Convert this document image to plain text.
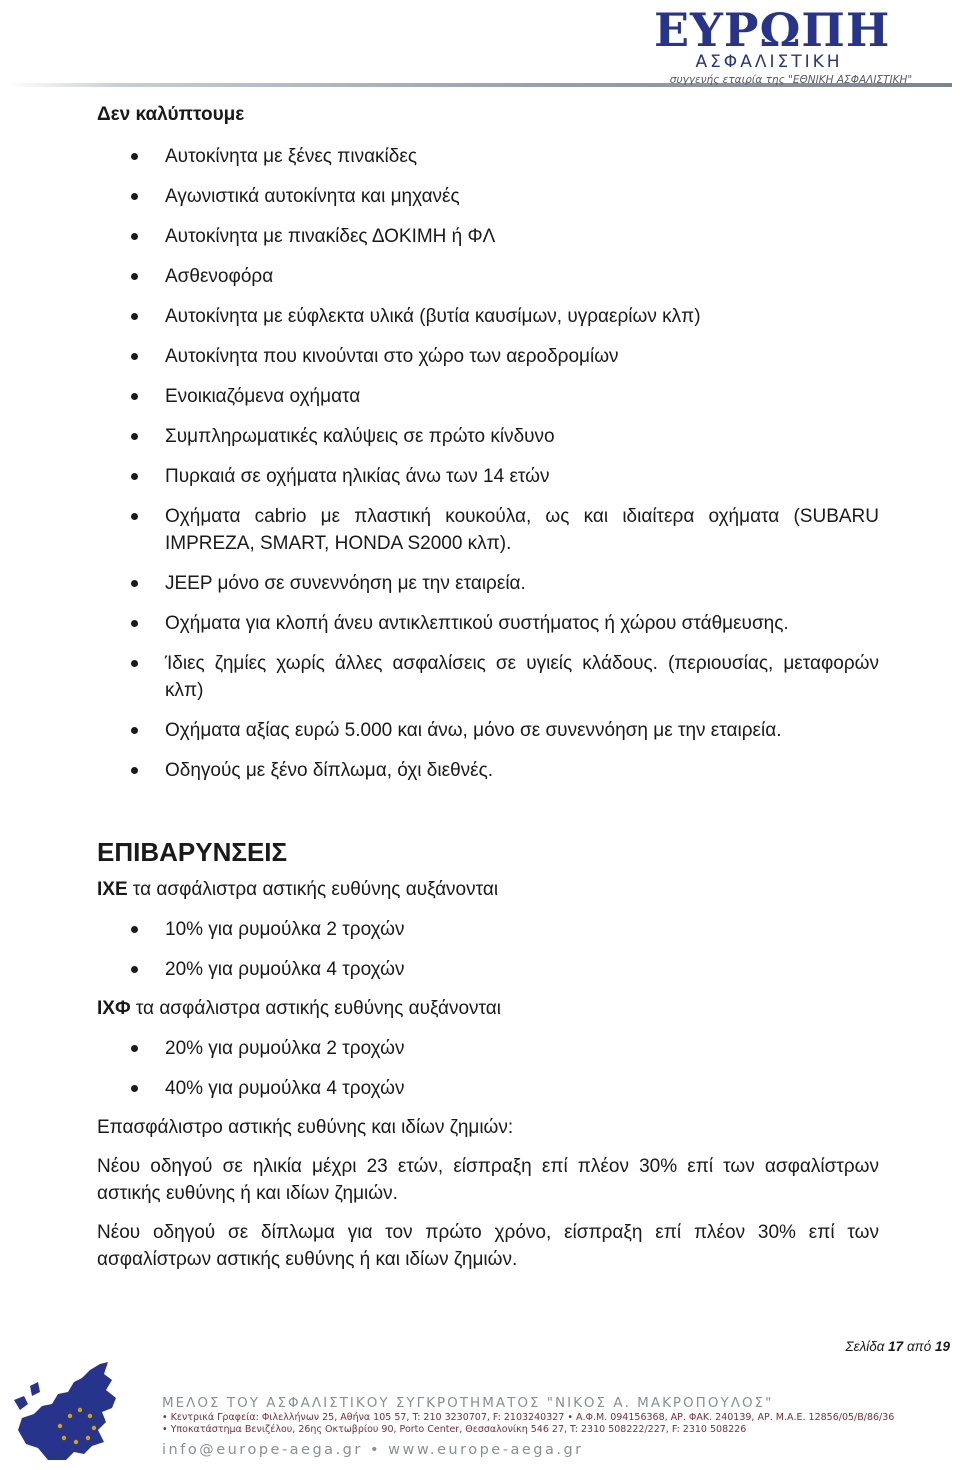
ΕΥΡΩΠΗ
ΑΣΦΑΛΙΣΤΙΚΗ
συγγενής εταιρία της "ΕΘΝΙΚΗ ΑΣΦΑΛΙΣΤΙΚΗ"
Δεν καλύπτουμε
Αυτοκίνητα με ξένες πινακίδες
Αγωνιστικά αυτοκίνητα και μηχανές
Αυτοκίνητα με πινακίδες ΔΟΚΙΜΗ ή ΦΛ
Ασθενοφόρα
Αυτοκίνητα με εύφλεκτα υλικά (βυτία καυσίμων, υγραερίων κλπ)
Αυτοκίνητα που κινούνται στο χώρο των αεροδρομίων
Ενοικιαζόμενα οχήματα
Συμπληρωματικές καλύψεις σε πρώτο κίνδυνο
Πυρκαιά σε οχήματα ηλικίας άνω των 14 ετών
Οχήματα cabrio με πλαστική κουκούλα, ως και ιδιαίτερα οχήματα (SUBARU IMPREZA, SMART, HONDA S2000 κλπ).
JEEP μόνο σε συνεννόηση με την εταιρεία.
Οχήματα για κλοπή άνευ αντικλεπτικού συστήματος ή χώρου στάθμευσης.
Ίδιες ζημίες χωρίς άλλες ασφαλίσεις σε υγιείς κλάδους. (περιουσίας, μεταφορών κλπ)
Οχήματα αξίας ευρώ 5.000 και άνω, μόνο σε συνεννόηση με την εταιρεία.
Οδηγούς με ξένο δίπλωμα, όχι διεθνές.
ΕΠΙΒΑΡΥΝΣΕΙΣ

ΙΧΕ τα ασφάλιστρα αστικής ευθύνης αυξάνονται

10% για ρυμούλκα 2 τροχών
20% για ρυμούλκα 4 τροχών

ΙΧΦ τα ασφάλιστρα αστικής ευθύνης αυξάνονται

20% για ρυμούλκα 2 τροχών
40% για ρυμούλκα 4 τροχών

Επασφάλιστρο αστικής ευθύνης και ιδίων ζημιών:

Νέου οδηγού σε ηλικία μέχρι 23 ετών, είσπραξη επί πλέον 30% επί των ασφαλίστρων αστικής ευθύνης ή και ιδίων ζημιών.

Νέου οδηγού σε δίπλωμα για τον πρώτο χρόνο, είσπραξη επί πλέον 30% επί των ασφαλίστρων αστικής ευθύνης ή και ιδίων ζημιών.

Σελίδα 17 από 19
ΜΕΛΟΣ ΤΟΥ ΑΣΦΑΛΙΣΤΙΚΟΥ ΣΥΓΚΡΟΤΗΜΑΤΟΣ "ΝΙΚΟΣ Α. ΜΑΚΡΟΠΟΥΛΟΣ"
• Κεντρικά Γραφεία: Φιλελλήνων 25, Αθήνα 105 57, T: 210 3230707, F: 2103240327 • Α.Φ.Μ. 094156368, ΑΡ. ΦΑΚ. 240139, ΑΡ. Μ.Α.Ε. 12856/05/Β/86/36
• Υποκατάστημα Βενιζέλου, 26ης Οκτωβρίου 90, Porto Center, Θεσσαλονίκη 546 27, T: 2310 508222/227, F: 2310 508226
info@europe-aega.gr • www.europe-aega.gr
